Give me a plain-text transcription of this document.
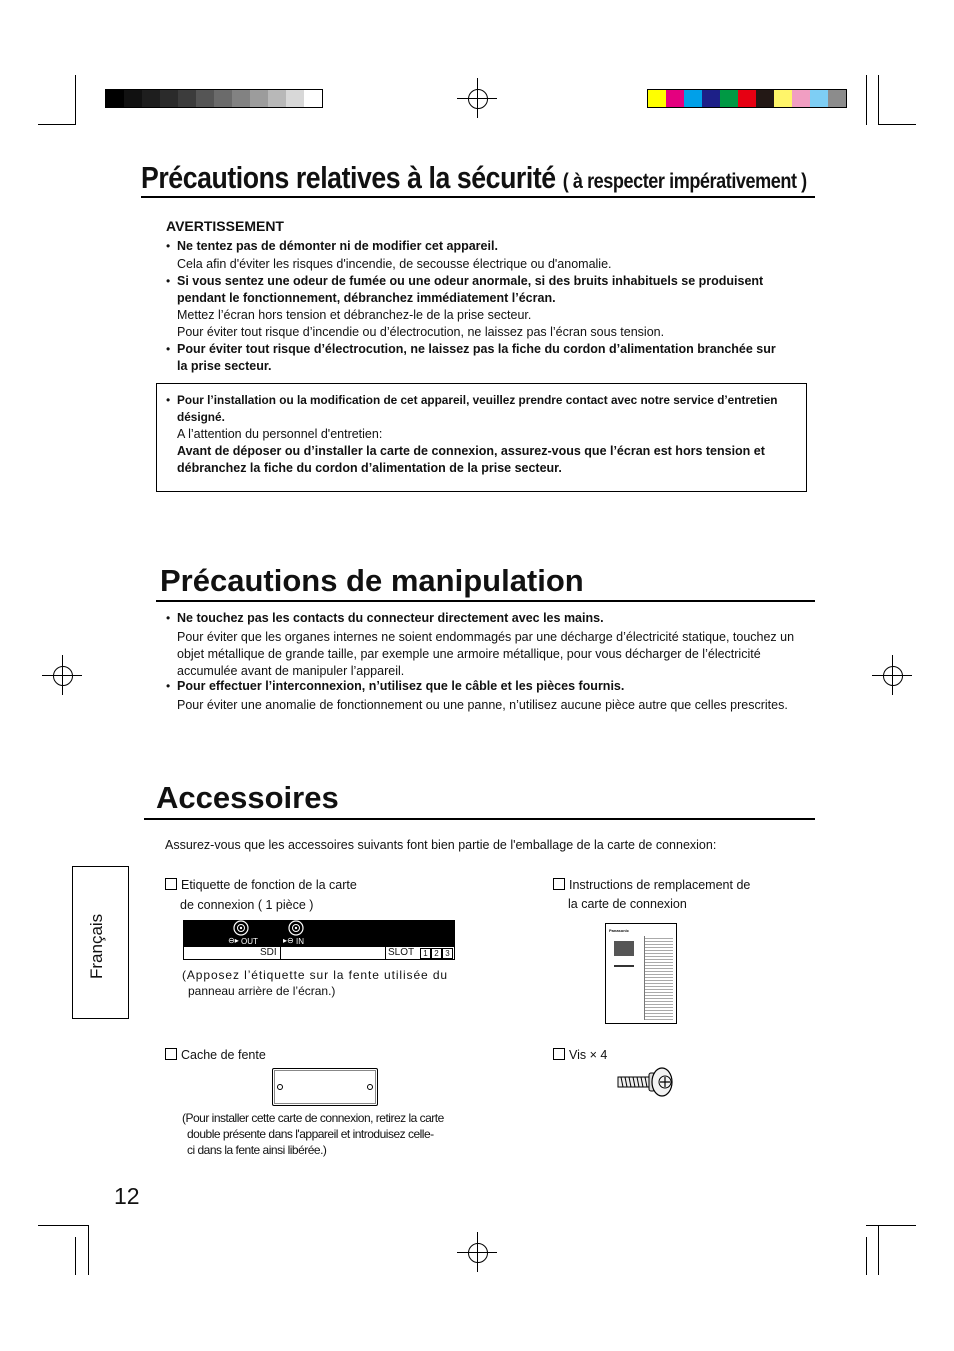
Précautions relatives à la sécurité ( à respecter impérativement )
AVERTISSEMENT
• Ne tentez pas de démonter ni de modifier cet appareil.
Cela afin d'éviter les risques d'incendie, de secousse électrique ou d'anomalie.
• Si vous sentez une odeur de fumée ou une odeur anormale, si des bruits inhabituels se produisent
pendant le fonctionnement, débranchez immédiatement l’écran.
Mettez l’écran hors tension et débranchez-le de la prise secteur.
Pour éviter tout risque d’incendie ou d’électrocution, ne laissez pas l’écran sous tension.
• Pour éviter tout risque d’électrocution, ne laissez pas la fiche du cordon d’alimentation branchée sur
la prise secteur.
• Pour l’installation ou la modification de cet appareil, veuillez prendre contact avec notre service d’entretien
désigné.
A l’attention du personnel d'entretien:
Avant de déposer ou d’installer la carte de connexion, assurez-vous que l’écran est hors tension et
débranchez la fiche du cordon d’alimentation de la prise secteur.
Précautions de manipulation
• Ne touchez pas les contacts du connecteur directement avec les mains.
Pour éviter que les organes internes ne soient endommagés par une décharge d’électricité statique, touchez un
objet métallique de grande taille, par exemple une armoire métallique, pour vous décharger de l’électricité
accumulée avant de manipuler l’appareil.
• Pour effectuer l’interconnexion, n’utilisez que le câble et les pièces fournis.
Pour éviter une anomalie de fonctionnement ou une panne, n’utilisez aucune pièce autre que celles prescrites.
Accessoires
Assurez-vous que les accessoires suivants font bien partie de l'emballage de la carte de connexion:
Etiquette de fonction de la carte
de connexion ( 1 pièce )
⊖▸ OUT	▸⊖ IN
SDI	SLOT	1 2 3
(Apposez l’étiquette sur la fente utilisée du
panneau arrière de l’écran.)
Instructions de remplacement de
la carte de connexion
Panasonic
Cache de fente
(Pour installer cette carte de connexion, retirez la carte
double présente dans l'appareil et introduisez celle-
ci dans la fente ainsi libérée.)
Vis × 4
Français
12
